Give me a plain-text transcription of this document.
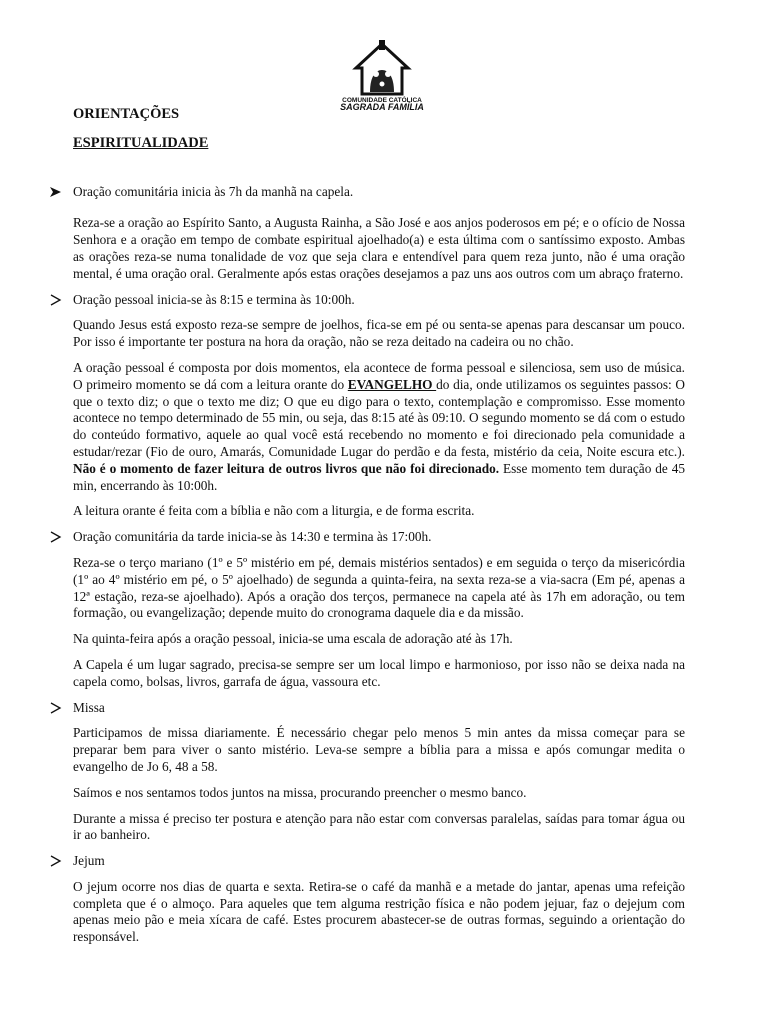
COMUNIDADE CATÓLICA
SAGRADA FAMÍLIA
ORIENTAÇÕES
ESPIRITUALIDADE
Oração comunitária inicia às 7h da manhã na capela.

Reza-se a oração ao Espírito Santo, a Augusta Rainha, a São José e aos anjos poderosos em pé; e o ofício de Nossa Senhora e a oração em tempo de combate espiritual ajoelhado(a) e esta última com o santíssimo exposto. Ambas as orações reza-se numa tonalidade de voz que seja clara e entendível para quem reza junto, não é uma oração mental, é uma oração oral. Geralmente após estas orações desejamos a paz uns aos outros com um abraço fraterno.

Oração pessoal inicia-se às 8:15 e termina às 10:00h.

Quando Jesus está exposto reza-se sempre de joelhos, fica-se em pé ou senta-se apenas para descansar um pouco. Por isso é importante ter postura na hora da oração, não se reza deitado na cadeira ou no chão.

A oração pessoal é composta por dois momentos, ela acontece de forma pessoal e silenciosa, sem uso de música. O primeiro momento se dá com a leitura orante do EVANGELHO do dia, onde utilizamos os seguintes passos: O que o texto diz; o que o texto me diz; O que eu digo para o texto, contemplação e compromisso. Esse momento acontece no tempo determinado de 55 min, ou seja, das 8:15 até às 09:10. O segundo momento se dá com o estudo do conteúdo formativo, aquele ao qual você está recebendo no momento e foi direcionado pela comunidade a estudar/rezar (Fio de ouro, Amarás, Comunidade Lugar do perdão e da festa, mistério da ceia, Noite escura etc.). Não é o momento de fazer leitura de outros livros que não foi direcionado. Esse momento tem duração de 45 min, encerrando às 10:00h.

A leitura orante é feita com a bíblia e não com a liturgia, e de forma escrita.

Oração comunitária da tarde inicia-se às 14:30 e termina às 17:00h.

Reza-se o terço mariano (1º e 5º mistério em pé, demais mistérios sentados) e em seguida o terço da misericórdia (1º ao 4º mistério em pé, o 5º ajoelhado) de segunda a quinta-feira, na sexta reza-se a via-sacra (Em pé, apenas a 12ª estação, reza-se ajoelhado). Após a oração dos terços, permanece na capela até às 17h em adoração, ou tem formação, ou evangelização; depende muito do cronograma daquele dia e da missão.

Na quinta-feira após a oração pessoal, inicia-se uma escala de adoração até às 17h.

A Capela é um lugar sagrado, precisa-se sempre ser um local limpo e harmonioso, por isso não se deixa nada na capela como, bolsas, livros, garrafa de água, vassoura etc.

Missa

Participamos de missa diariamente. É necessário chegar pelo menos 5 min antes da missa começar para se preparar bem para viver o santo mistério. Leva-se sempre a bíblia para a missa e após comungar medita o evangelho de Jo 6, 48 a 58.

Saímos e nos sentamos todos juntos na missa, procurando preencher o mesmo banco.

Durante a missa é preciso ter postura e atenção para não estar com conversas paralelas, saídas para tomar água ou ir ao banheiro.

Jejum

O jejum ocorre nos dias de quarta e sexta. Retira-se o café da manhã e a metade do jantar, apenas uma refeição completa que é o almoço. Para aqueles que tem alguma restrição física e não podem jejuar, faz o dejejum com apenas meio pão e meia xícara de café. Estes procurem abastecer-se de outras formas, seguindo a orientação do responsável.
